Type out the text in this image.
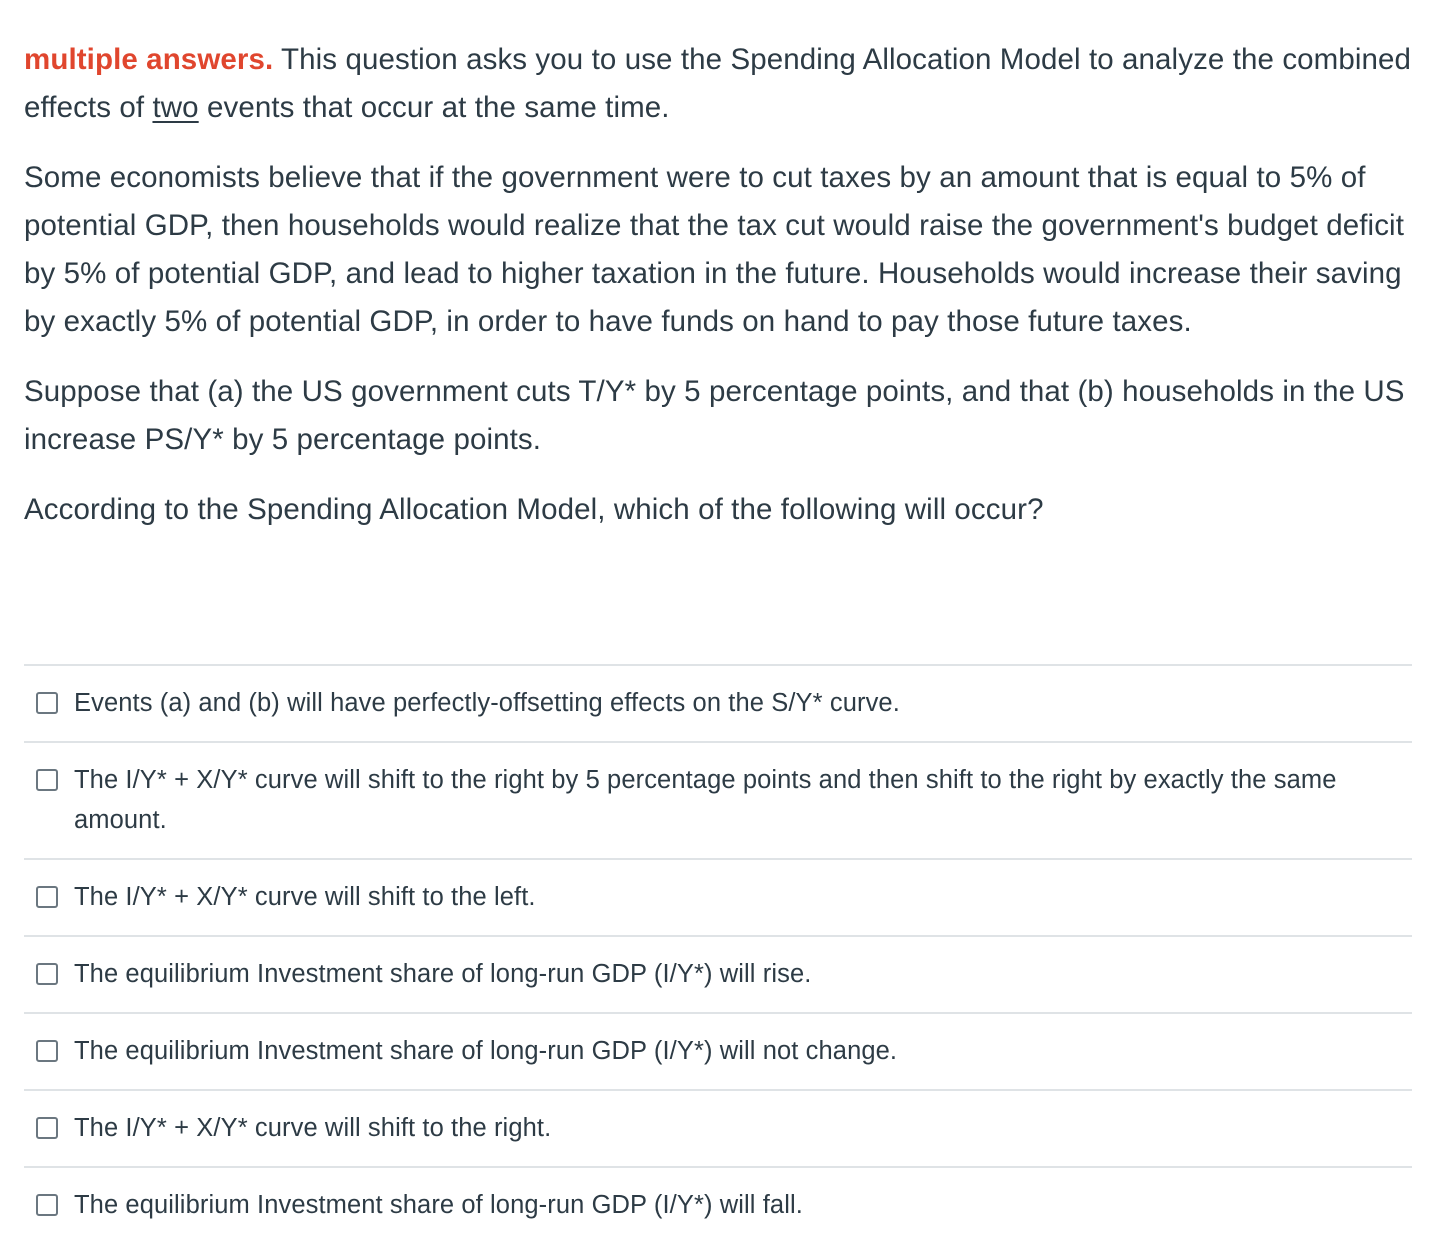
multiple answers. This question asks you to use the Spending Allocation Model to analyze the combined effects of two events that occur at the same time.

Some economists believe that if the government were to cut taxes by an amount that is equal to 5% of potential GDP, then households would realize that the tax cut would raise the government's budget deficit by 5% of potential GDP, and lead to higher taxation in the future. Households would increase their saving by exactly 5% of potential GDP, in order to have funds on hand to pay those future taxes.

Suppose that (a) the US government cuts T/Y* by 5 percentage points, and that (b) households in the US increase PS/Y* by 5 percentage points.

According to the Spending Allocation Model, which of the following will occur?

Events (a) and (b) will have perfectly-offsetting effects on the S/Y* curve.
The I/Y* + X/Y* curve will shift to the right by 5 percentage points and then shift to the right by exactly the same amount.
The I/Y* + X/Y* curve will shift to the left.
The equilibrium Investment share of long-run GDP (I/Y*) will rise.
The equilibrium Investment share of long-run GDP (I/Y*) will not change.
The I/Y* + X/Y* curve will shift to the right.
The equilibrium Investment share of long-run GDP (I/Y*) will fall.
